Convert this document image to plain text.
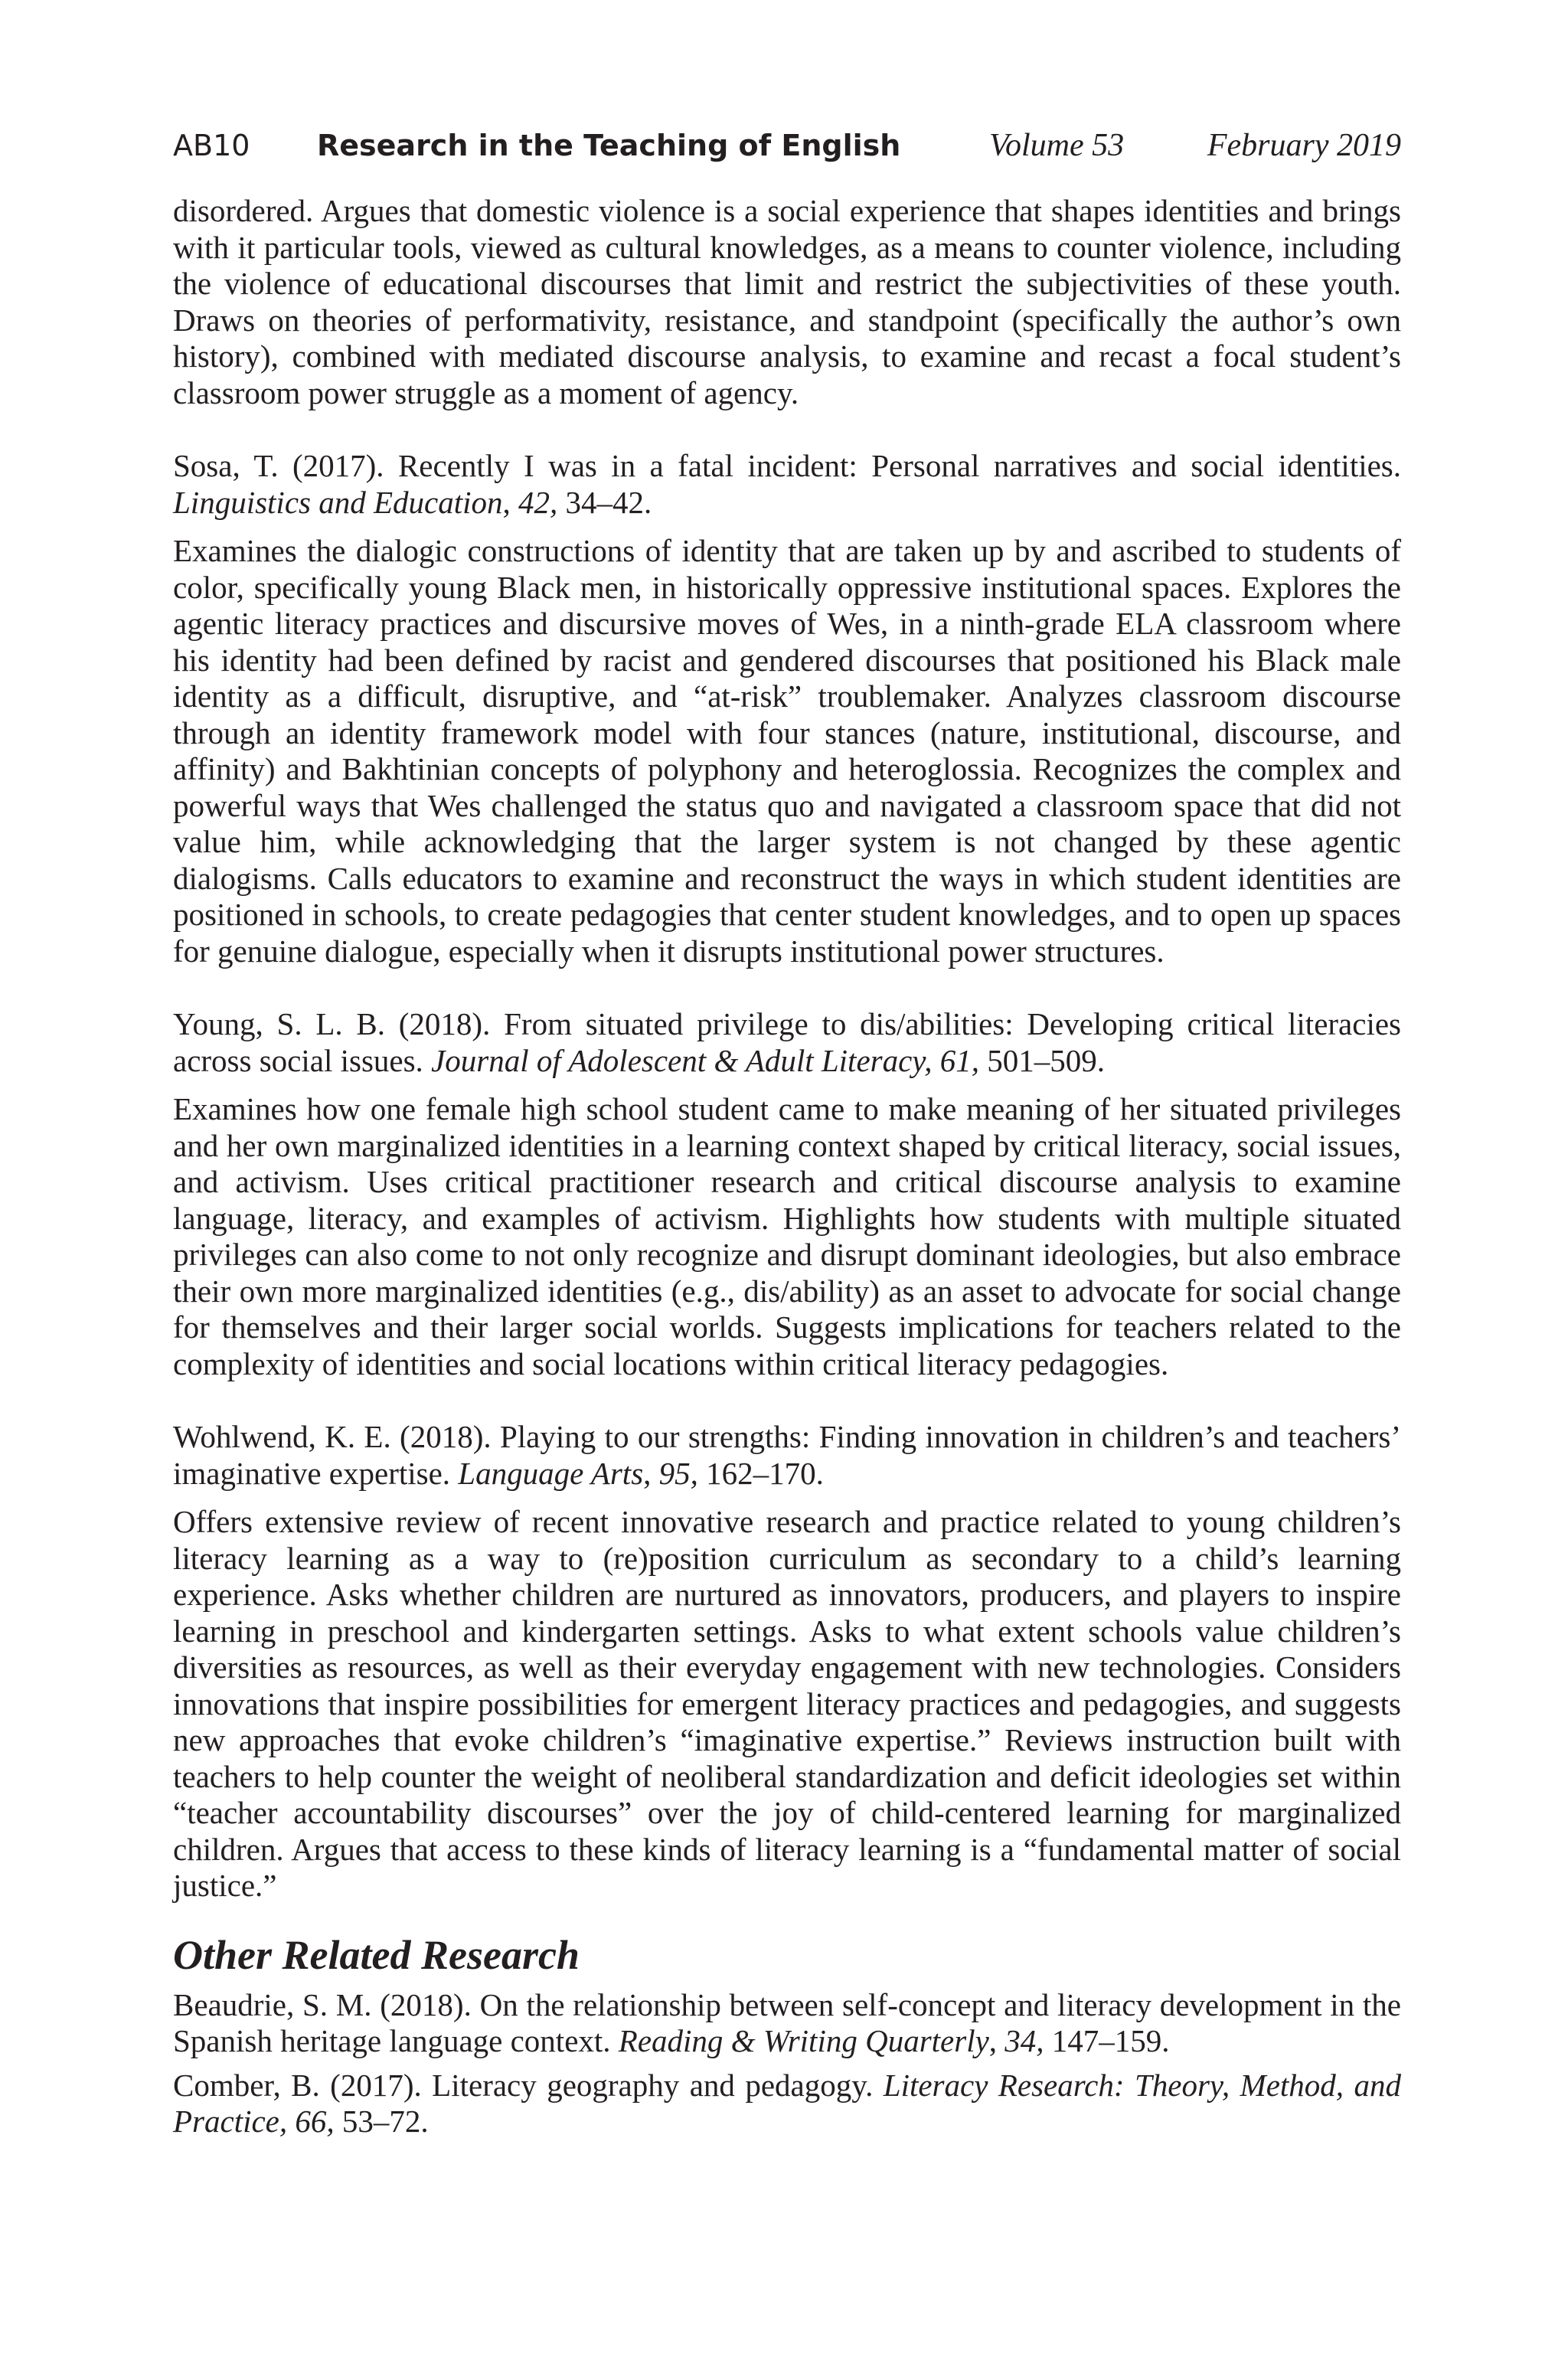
AB10 Research in the Teaching of English	Volume 53	February 2019

disordered. Argues that domestic violence is a social experience that shapes identities and brings with it particular tools, viewed as cultural knowledges, as a means to counter violence, including the violence of educational discourses that limit and restrict the subjectivities of these youth. Draws on theories of performativity, resistance, and standpoint (specifically the author’s own history), combined with mediated discourse analysis, to examine and recast a focal student’s classroom power struggle as a moment of agency.

Sosa, T. (2017). Recently I was in a fatal incident: Personal narratives and social identities. Linguistics and Education, 42, 34–42.

Examines the dialogic constructions of identity that are taken up by and ascribed to students of color, specifically young Black men, in historically oppressive institutional spaces. Explores the agentic literacy practices and discursive moves of Wes, in a ninth-grade ELA classroom where his identity had been defined by racist and gendered discourses that positioned his Black male identity as a difficult, disruptive, and “at-risk” troublemaker. Analyzes classroom discourse through an identity framework model with four stances (nature, institutional, discourse, and affinity) and Bakhtinian concepts of polyphony and heteroglossia. Recognizes the complex and powerful ways that Wes challenged the status quo and navigated a classroom space that did not value him, while acknowledging that the larger system is not changed by these agentic dialogisms. Calls educators to examine and reconstruct the ways in which student identities are positioned in schools, to create pedagogies that center student knowledges, and to open up spaces for genuine dialogue, especially when it disrupts institutional power structures.

Young, S. L. B. (2018). From situated privilege to dis/abilities: Developing critical literacies across social issues. Journal of Adolescent & Adult Literacy, 61, 501–509.

Examines how one female high school student came to make meaning of her situated privileges and her own marginalized identities in a learning context shaped by critical literacy, social issues, and activism. Uses critical practitioner research and critical discourse analysis to examine language, literacy, and examples of activism. Highlights how students with multiple situated privileges can also come to not only recognize and disrupt dominant ideologies, but also embrace their own more marginalized identities (e.g., dis/ability) as an asset to advocate for social change for themselves and their larger social worlds. Suggests implications for teachers related to the complexity of identities and social locations within critical literacy pedagogies.

Wohlwend, K. E. (2018). Playing to our strengths: Finding innovation in children’s and teachers’ imaginative expertise. Language Arts, 95, 162–170.

Offers extensive review of recent innovative research and practice related to young children’s literacy learning as a way to (re)position curriculum as secondary to a child’s learning experience. Asks whether children are nurtured as innovators, producers, and players to inspire learning in preschool and kindergarten settings. Asks to what extent schools value children’s diversities as resources, as well as their everyday engagement with new technologies. Considers innovations that inspire possibilities for emergent literacy practices and pedagogies, and suggests new approaches that evoke children’s “imaginative expertise.” Reviews instruction built with teachers to help counter the weight of neoliberal standardization and deficit ideologies set within “teacher accountability discourses” over the joy of child-centered learning for marginalized children. Argues that access to these kinds of literacy learning is a “fundamental matter of social justice.”

Other Related Research

Beaudrie, S. M. (2018). On the relationship between self-concept and literacy development in the Spanish heritage language context. Reading & Writing Quarterly, 34, 147–159.

Comber, B. (2017). Literacy geography and pedagogy. Literacy Research: Theory, Method, and Practice, 66, 53–72.
